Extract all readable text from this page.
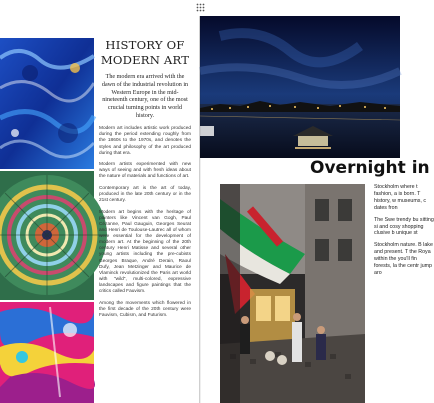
HISTORY OF
MODERN ART
The modern era arrived with the dawn of the industrial revolution in Western Europe in the mid-nineteenth century, one of the most crucial turning points in world history.

Modern art includes artistic work produced during the period extending roughly from the 1860s to the 1970s, and denotes the styles and philosophy of the art produced during that era.

Modern artists experimented with new ways of seeing and with fresh ideas about the nature of materials and functions of art.

Contemporary art is the art of today, produced in the late 20th century or in the 21st century.

Modern art begins with the heritage of painters like Vincent van Gogh, Paul Cézanne, Paul Gauguin, Georges Seurat and Henri de Toulouse-Lautrec all of whom were essential for the development of modern art. At the beginning of the 20th century Henri Matisse and several other young artists including the pre-cubists Georges Braque, André Derain, Raoul Dufy, Jean Metzinger and Maurice de Vlaminck revolutionized the Paris art world with "wild", multi-colored, expressive landscapes and figure paintings that the critics called Fauvism.

Among the movements which flowered in the first decade of the 20th century were Fauvism, Cubism, and Futurism.

Overnight in

Stockholm where t fashion, a is born. T history, w museums, c dates fron

The Swe trendy bu sitting si and cosy shopping clusive b unique st

Stockholm nature. B lake and present. T the Roya within the you'll fin forests, la the centr jump aro
